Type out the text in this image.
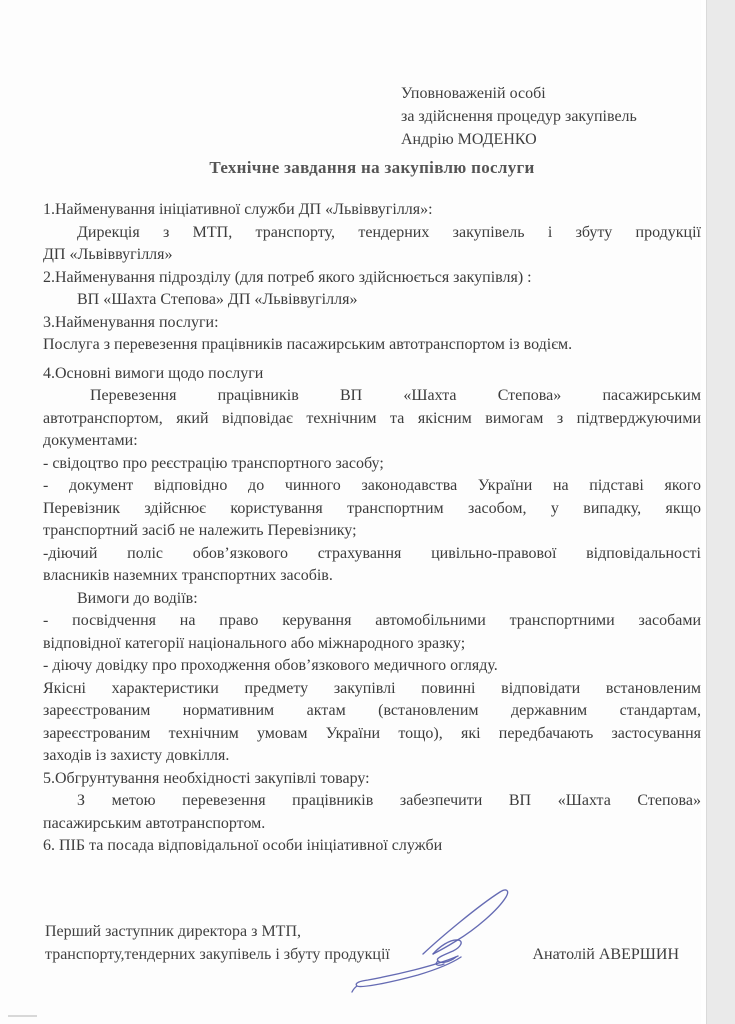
Уповноваженій особі
за здійснення процедур закупівель
Андрію МОДЕНКО
Технічне завдання на закупівлю послуги
1.Найменування ініціативної служби ДП «Львіввугілля»:
Дирекція з МТП, транспорту, тендерних закупівель і збуту продукції
ДП «Львіввугілля»
2.Найменування підрозділу (для потреб якого здійснюється закупівля) :
ВП «Шахта Степова» ДП «Львіввугілля»
3.Найменування послуги:
Послуга з перевезення працівників пасажирським автотранспортом із водієм.
4.Основні вимоги щодо послуги
Перевезення працівників ВП «Шахта Степова» пасажирським
автотранспортом, який відповідає технічним та якісним вимогам з підтверджуючими
документами:
- свідоцтво про реєстрацію транспортного засобу;
- документ відповідно до чинного законодавства України на підставі якого
Перевізник здійснює користування транспортним засобом, у випадку, якщо
транспортний засіб не належить Перевізнику;
-діючий поліс обов’язкового страхування цивільно-правової відповідальності
власників наземних транспортних засобів.
Вимоги до водіїв:
- посвідчення на право керування автомобільними транспортними засобами
відповідної категорії національного або міжнародного зразку;
- діючу довідку про проходження обов’язкового медичного огляду.
Якісні характеристики предмету закупівлі повинні відповідати встановленим
зареєстрованим нормативним актам (встановленим державним стандартам,
зареєстрованим технічним умовам України тощо), які передбачають застосування
заходів із захисту довкілля.
5.Обгрунтування необхідності закупівлі товару:
З метою перевезення працівників забезпечити ВП «Шахта Степова»
пасажирським автотранспортом.
6. ПІБ та посада відповідальної особи ініціативної служби
Перший заступник директора з МТП,
транспорту,тендерних закупівель і збуту продукції	Анатолій АВЕРШИН
